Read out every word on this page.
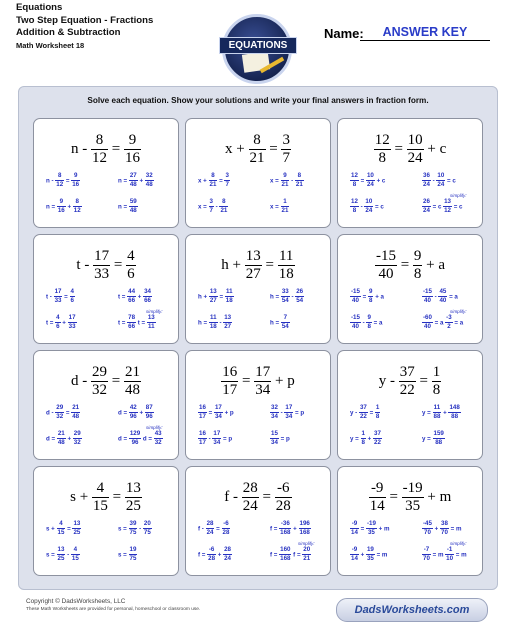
Equations
Two Step Equation - Fractions
Addition & Subtraction
Math Worksheet 18	EQUATIONS
Name:	ANSWER KEY
Solve each equation. Show your solutions and write your final answers in fraction form.
$n - \frac{8}{12} = \frac{9}{16}$
$n - \frac{8}{12} = \frac{9}{16}$	$n = \frac{27}{48} + \frac{32}{48}$
$n = \frac{9}{16} + \frac{8}{12}$	$n = \frac{59}{48}$
$x + \frac{8}{21} = \frac{3}{7}$
$x + \frac{8}{21} = \frac{3}{7}$	$x = \frac{9}{21} - \frac{8}{21}$
$x = \frac{3}{7} - \frac{8}{21}$	$x = \frac{1}{21}$
$\frac{12}{8} = \frac{10}{24} + c$
$\frac{12}{8} = \frac{10}{24} + c$	$\frac{36}{24} - \frac{10}{24} = c$
$\frac{12}{8} - \frac{10}{24} = c$	$\frac{26}{24} = c \frac{13}{12} = c$
simplify:
$t - \frac{17}{33} = \frac{4}{6}$
$t - \frac{17}{33} = \frac{4}{6}$	$t = \frac{44}{66} + \frac{34}{66}$
$t = \frac{4}{6} + \frac{17}{33}$	$t = \frac{78}{66}$ $t = \frac{13}{11}$
simplify:
$h + \frac{13}{27} = \frac{11}{18}$
$h + \frac{13}{27} = \frac{11}{18}$	$h = \frac{33}{54} - \frac{26}{54}$
$h = \frac{11}{18} - \frac{13}{27}$	$h = \frac{7}{54}$
$\frac{-15}{40} = \frac{9}{8} + a$
$\frac{-15}{40} = \frac{9}{8} + a$	$\frac{-15}{40} - \frac{45}{40} = a$
$\frac{-15}{40} - \frac{9}{8} = a$	$\frac{-60}{40} = a \frac{-3}{2} = a$
simplify:
$d - \frac{29}{32} = \frac{21}{48}$
$d - \frac{29}{32} = \frac{21}{48}$	$d = \frac{42}{96} + \frac{87}{96}$
$d = \frac{21}{48} + \frac{29}{32}$	$d = \frac{129}{96}$ $d = \frac{43}{32}$
simplify:
$\frac{16}{17} = \frac{17}{34} + p$
$\frac{16}{17} = \frac{17}{34} + p$	$\frac{32}{34} - \frac{17}{34} = p$
$\frac{16}{17} - \frac{17}{34} = p$	$\frac{15}{34} = p$
$y - \frac{37}{22} = \frac{1}{8}$
$y - \frac{37}{22} = \frac{1}{8}$	$y = \frac{11}{88} + \frac{148}{88}$
$y = \frac{1}{8} + \frac{37}{22}$	$y = \frac{159}{88}$
$s + \frac{4}{15} = \frac{13}{25}$
$s + \frac{4}{15} = \frac{13}{25}$	$s = \frac{39}{75} - \frac{20}{75}$
$s = \frac{13}{25} - \frac{4}{15}$	$s = \frac{19}{75}$
$f - \frac{28}{24} = \frac{-6}{28}$
$f - \frac{28}{24} = \frac{-6}{28}$	$f = \frac{-36}{168} + \frac{196}{168}$
$f = \frac{-6}{28} + \frac{28}{24}$	$f = \frac{160}{168}$ $f = \frac{20}{21}$
simplify:
$\frac{-9}{14} = \frac{-19}{35} + m$
$\frac{-9}{14} = \frac{-19}{35} + m$	$\frac{-45}{70} + \frac{38}{70} = m$
$\frac{-9}{14} + \frac{19}{35} = m$	$\frac{-7}{70} = m \frac{-1}{10} = m$
simplify:
Copyright © DadsWorksheets, LLC
These Math Worksheets are provided for personal, homeschool or classroom use.	DadsWorksheets.com
